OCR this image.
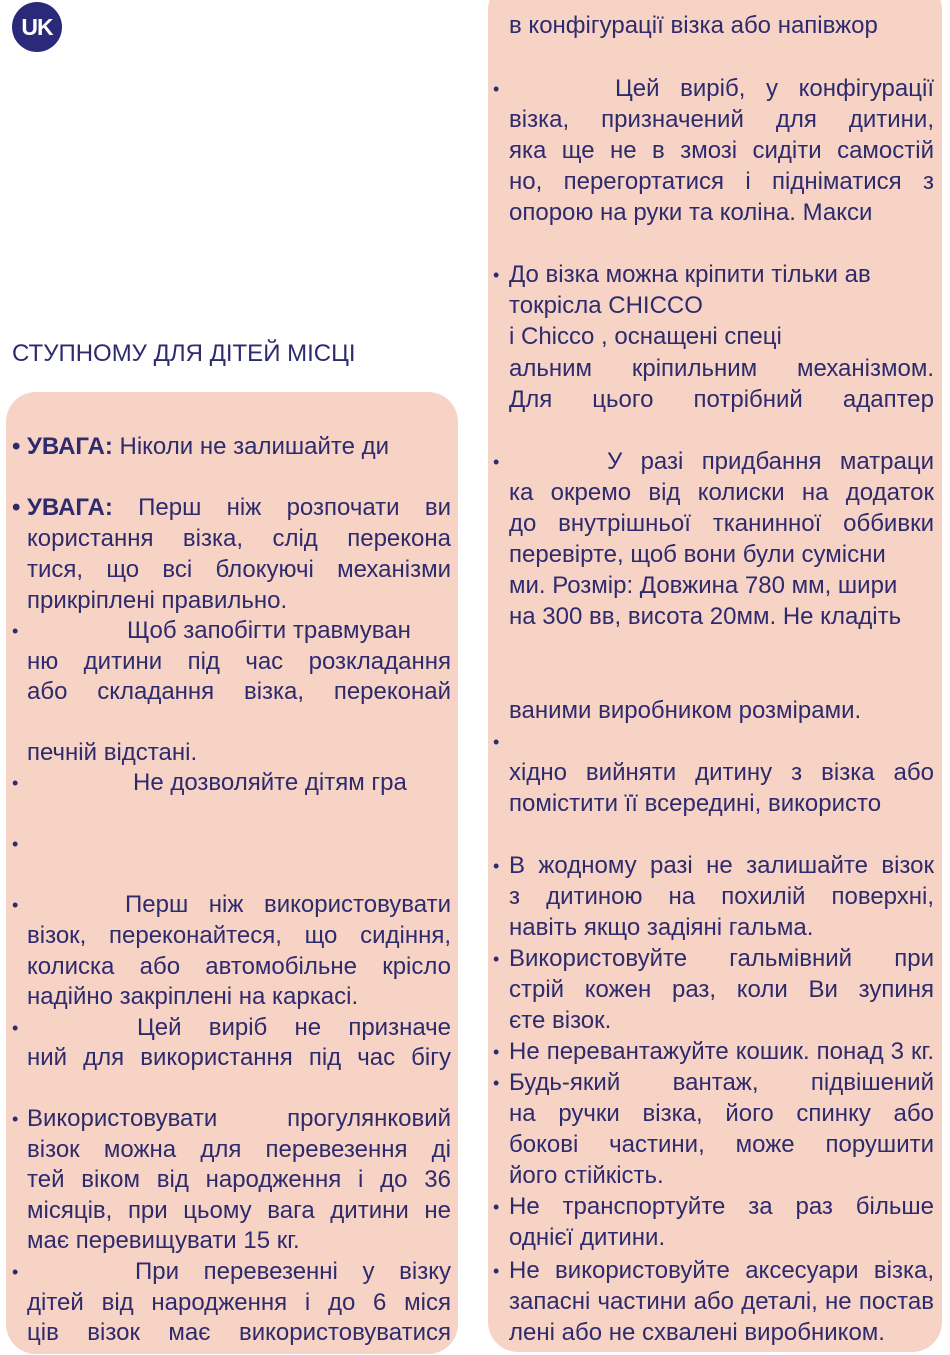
UK
СТУПНОМУ ДЛЯ ДІТЕЙ МІСЦІ
• УВАГА: Ніколи не залишайте ди
• УВАГА: Перш ніж розпочати ви
користання візка, слід перекона
тися, що всі блокуючі механізми
прикріплені правильно.
•	Щоб запобігти травмуван
ню дитини під час розкладання
або складання візка, переконай
печній відстані.
•	Не дозволяйте дітям гра
•
•	Перш ніж використовувати
візок, переконайтеся, що сидіння,
колиска або автомобільне крісло
надійно закріплені на каркасі.
•	Цей виріб не призначе
ний для використання під час бігу
• Використовувати прогулянковий
візок можна для перевезення ді
тей віком від народження і до 36
місяців, при цьому вага дитини не
має перевищувати 15 кг.
•	При перевезенні у візку
дітей від народження і до 6 міся
ців візок має використовуватися
в конфігурації візка або напівжор
•	Цей виріб, у конфігурації
візка, призначений для дитини,
яка ще не в змозі сидіти самостій
но, перегортатися і підніматися з
опорою на руки та коліна. Макси
• До візка можна кріпити тільки ав
токрісла CHICCO
і Chicco , оснащені спеці
альним кріпильним механізмом.
Для цього потрібний адаптер
•	У разі придбання матраци
ка окремо від колиски на додаток
до внутрішньої тканинної оббивки
перевірте, щоб вони були сумісни
ми. Розмір: Довжина 780 мм, шири
на 300 вв, висота 20мм. Не кладіть
ваними виробником розмірами.
•
хідно вийняти дитину з візка або
помістити її всередині, використо
• В жодному разі не залишайте візок
з дитиною на похилій поверхні,
навіть якщо задіяні гальма.
• Використовуйте гальмівний при
стрій кожен раз, коли Ви зупиня
єте візок.
• Не перевантажуйте кошик. понад 3 кг.
• Будь-який вантаж, підвішений
на ручки візка, його спинку або
бокові частини, може порушити
його стійкість.
• Не транспортуйте за раз більше
однієї дитини.
• Не використовуйте аксесуари візка,
запасні частини або деталі, не постав
лені або не схвалені виробником.
